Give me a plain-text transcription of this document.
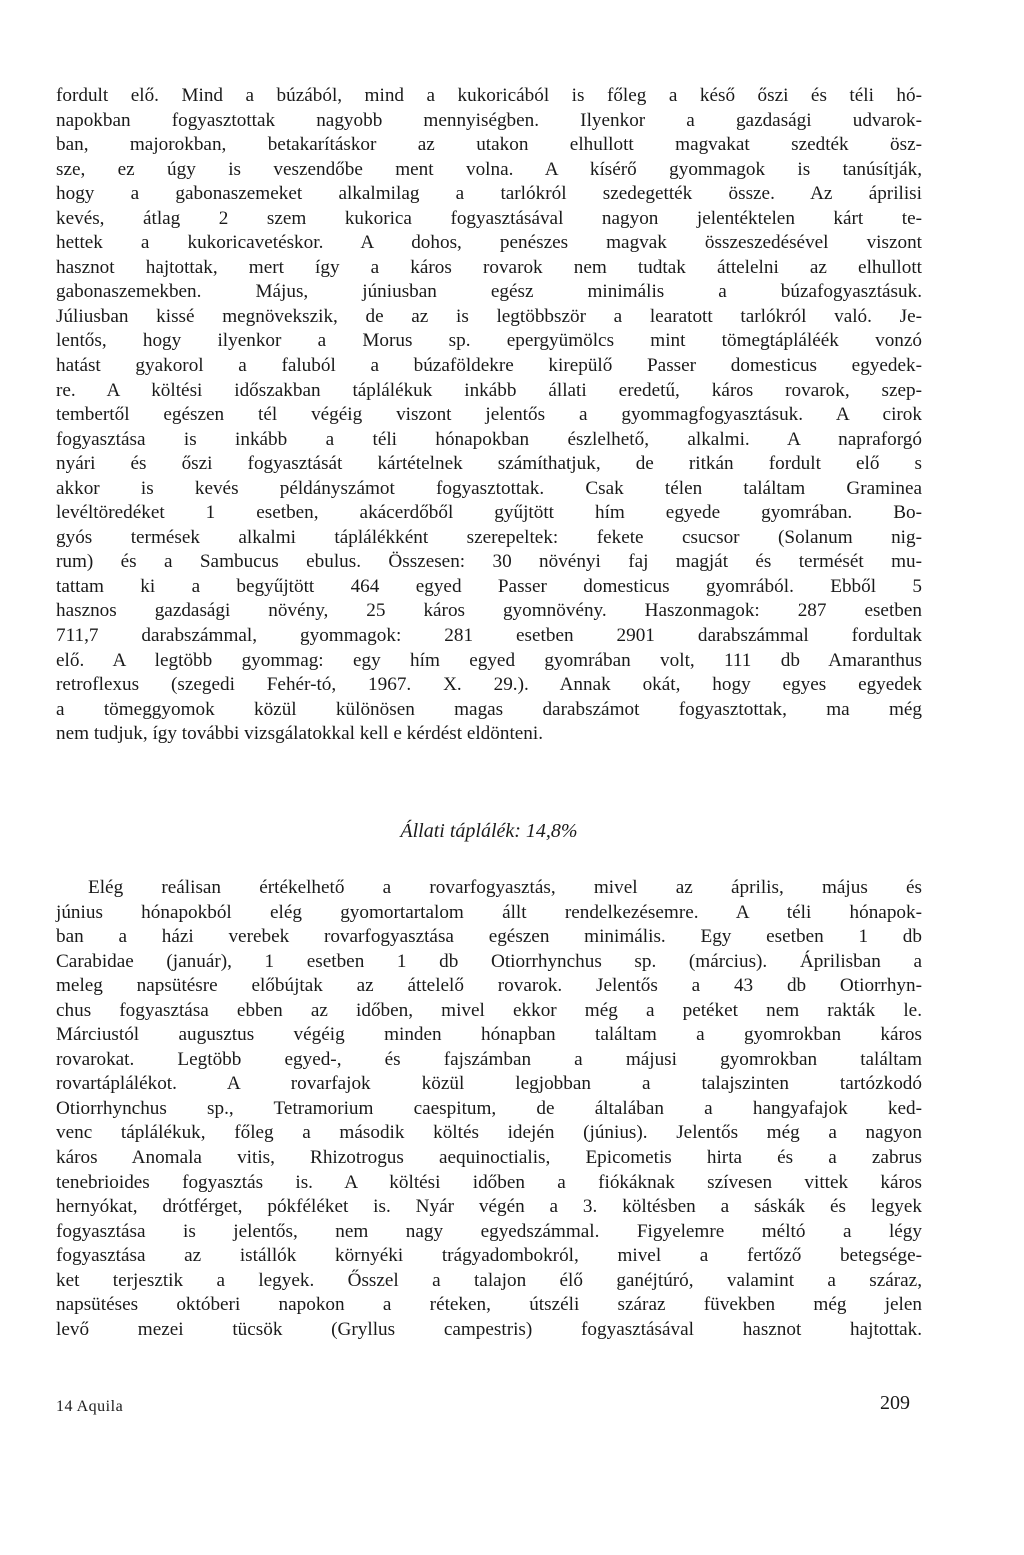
fordult elő. Mind a búzából, mind a kukoricából is főleg a késő őszi és téli hó-
napokban fogyasztottak nagyobb mennyiségben. Ilyenkor a gazdasági udvarok-
ban, majorokban, betakarításkor az utakon elhullott magvakat szedték ösz-
sze, ez úgy is veszendőbe ment volna. A kísérő gyommagok is tanúsítják,
hogy a gabonaszemeket alkalmilag a tarlókról szedegették össze. Az áprilisi
kevés, átlag 2 szem kukorica fogyasztásával nagyon jelentéktelen kárt te-
hettek a kukoricavetéskor. A dohos, penészes magvak összeszedésével viszont
hasznot hajtottak, mert így a káros rovarok nem tudtak áttelelni az elhullott
gabonaszemekben. Május, júniusban egész minimális a búzafogyasztásuk.
Júliusban kissé megnövekszik, de az is legtöbbször a learatott tarlókról való. Je-
lentős, hogy ilyenkor a Morus sp. epergyümölcs mint tömegtápláléék vonzó
hatást gyakorol a faluból a búzaföldekre kirepülő Passer domesticus egyedek-
re. A költési időszakban táplálékuk inkább állati eredetű, káros rovarok, szep-
tembertől egészen tél végéig viszont jelentős a gyommagfogyasztásuk. A cirok
fogyasztása is inkább a téli hónapokban észlelhető, alkalmi. A napraforgó
nyári és őszi fogyasztását kártételnek számíthatjuk, de ritkán fordult elő s
akkor is kevés példányszámot fogyasztottak. Csak télen találtam Graminea
levéltöredéket 1 esetben, akácerdőből gyűjtött hím egyede gyomrában. Bo-
gyós termések alkalmi táplálékként szerepeltek: fekete csucsor (Solanum nig-
rum) és a Sambucus ebulus. Összesen: 30 növényi faj magját és termését mu-
tattam ki a begyűjtött 464 egyed Passer domesticus gyomrából. Ebből 5
hasznos gazdasági növény, 25 káros gyomnövény. Haszonmagok: 287 esetben
711,7 darabszámmal, gyommagok: 281 esetben 2901 darabszámmal fordultak
elő. A legtöbb gyommag: egy hím egyed gyomrában volt, 111 db Amaranthus
retroflexus (szegedi Fehér-tó, 1967. X. 29.). Annak okát, hogy egyes egyedek
a tömeggyomok közül különösen magas darabszámot fogyasztottak, ma még
nem tudjuk, így további vizsgálatokkal kell e kérdést eldönteni.
Állati táplálék: 14,8%
Elég reálisan értékelhető a rovarfogyasztás, mivel az április, május és
június hónapokból elég gyomortartalom állt rendelkezésemre. A téli hónapok-
ban a házi verebek rovarfogyasztása egészen minimális. Egy esetben 1 db
Carabidae (január), 1 esetben 1 db Otiorrhynchus sp. (március). Áprilisban a
meleg napsütésre előbújtak az áttelelő rovarok. Jelentős a 43 db Otiorrhyn-
chus fogyasztása ebben az időben, mivel ekkor még a petéket nem rakták le.
Márciustól augusztus végéig minden hónapban találtam a gyomrokban káros
rovarokat. Legtöbb egyed-, és fajszámban a májusi gyomrokban találtam
rovartáplálékot. A rovarfajok közül legjobban a talajszinten tartózkodó
Otiorrhynchus sp., Tetramorium caespitum, de általában a hangyafajok ked-
venc táplálékuk, főleg a második költés idején (június). Jelentős még a nagyon
káros Anomala vitis, Rhizotrogus aequinoctialis, Epicometis hirta és a zabrus
tenebrioides fogyasztás is. A költési időben a fiókáknak szívesen vittek káros
hernyókat, drótférget, pókféléket is. Nyár végén a 3. költésben a sáskák és legyek
fogyasztása is jelentős, nem nagy egyedszámmal. Figyelemre méltó a légy
fogyasztása az istállók környéki trágyadombokról, mivel a fertőző betegsége-
ket terjesztik a legyek. Ősszel a talajon élő ganéjtúró, valamint a száraz,
napsütéses októberi napokon a réteken, útszéli száraz füvekben még jelen
levő mezei tücsök (Gryllus campestris) fogyasztásával hasznot hajtottak.
14 Aquila	209
